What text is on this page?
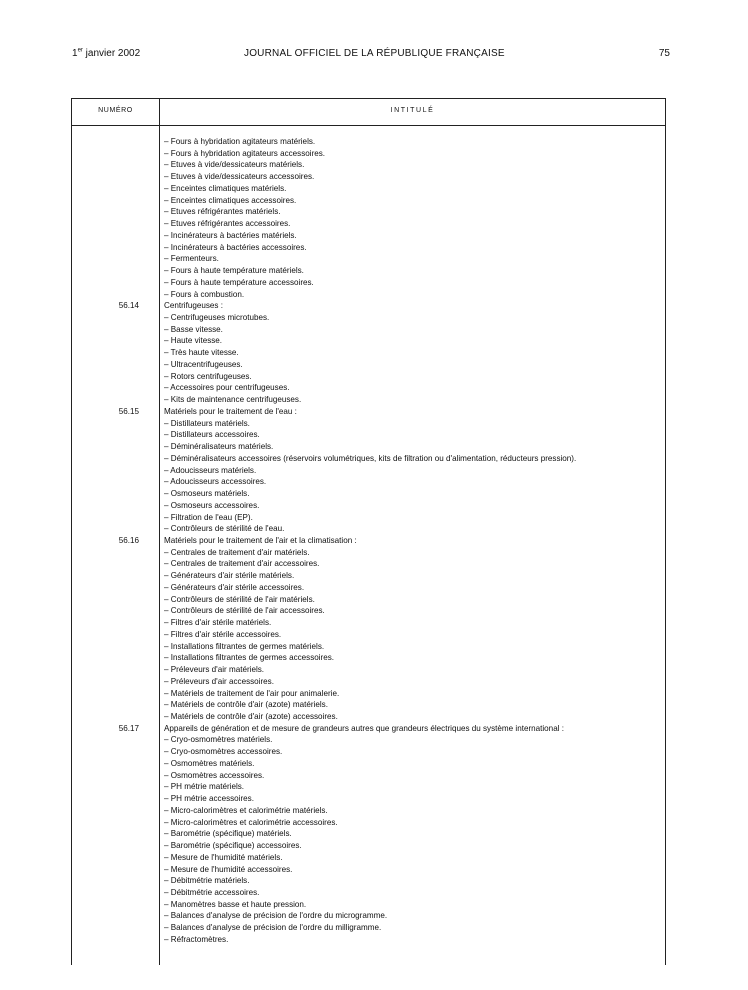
1er janvier 2002	JOURNAL OFFICIEL DE LA RÉPUBLIQUE FRANÇAISE	75
NUMÉRO	INTITULÉ
– Fours à hybridation agitateurs matériels.
– Fours à hybridation agitateurs accessoires.
– Etuves à vide/dessicateurs matériels.
– Etuves à vide/dessicateurs accessoires.
– Enceintes climatiques matériels.
– Enceintes climatiques accessoires.
– Etuves réfrigérantes matériels.
– Etuves réfrigérantes accessoires.
– Incinérateurs à bactéries matériels.
– Incinérateurs à bactéries accessoires.
– Fermenteurs.
– Fours à haute température matériels.
– Fours à haute température accessoires.
– Fours à combustion.
56.14	Centrifugeuses :
– Centrifugeuses microtubes.
– Basse vitesse.
– Haute vitesse.
– Très haute vitesse.
– Ultracentrifugeuses.
– Rotors centrifugeuses.
– Accessoires pour centrifugeuses.
– Kits de maintenance centrifugeuses.
56.15	Matériels pour le traitement de l'eau :
– Distillateurs matériels.
– Distillateurs accessoires.
– Déminéralisateurs matériels.
– Déminéralisateurs accessoires (réservoirs volumétriques, kits de filtration ou d'alimentation, réducteurs pression).
– Adoucisseurs matériels.
– Adoucisseurs accessoires.
– Osmoseurs matériels.
– Osmoseurs accessoires.
– Filtration de l'eau (EP).
– Contrôleurs de stérilité de l'eau.
56.16	Matériels pour le traitement de l'air et la climatisation :
– Centrales de traitement d'air matériels.
– Centrales de traitement d'air accessoires.
– Générateurs d'air stérile matériels.
– Générateurs d'air stérile accessoires.
– Contrôleurs de stérilité de l'air matériels.
– Contrôleurs de stérilité de l'air accessoires.
– Filtres d'air stérile matériels.
– Filtres d'air stérile accessoires.
– Installations filtrantes de germes matériels.
– Installations filtrantes de germes accessoires.
– Préleveurs d'air matériels.
– Préleveurs d'air accessoires.
– Matériels de traitement de l'air pour animalerie.
– Matériels de contrôle d'air (azote) matériels.
– Matériels de contrôle d'air (azote) accessoires.
56.17	Appareils de génération et de mesure de grandeurs autres que grandeurs électriques du système international :
– Cryo-osmomètres matériels.
– Cryo-osmomètres accessoires.
– Osmomètres matériels.
– Osmomètres accessoires.
– PH métrie matériels.
– PH métrie accessoires.
– Micro-calorimètres et calorimétrie matériels.
– Micro-calorimètres et calorimétrie accessoires.
– Barométrie (spécifique) matériels.
– Barométrie (spécifique) accessoires.
– Mesure de l'humidité matériels.
– Mesure de l'humidité accessoires.
– Débitmétrie matériels.
– Débitmétrie accessoires.
– Manomètres basse et haute pression.
– Balances d'analyse de précision de l'ordre du microgramme.
– Balances d'analyse de précision de l'ordre du milligramme.
– Réfractomètres.
